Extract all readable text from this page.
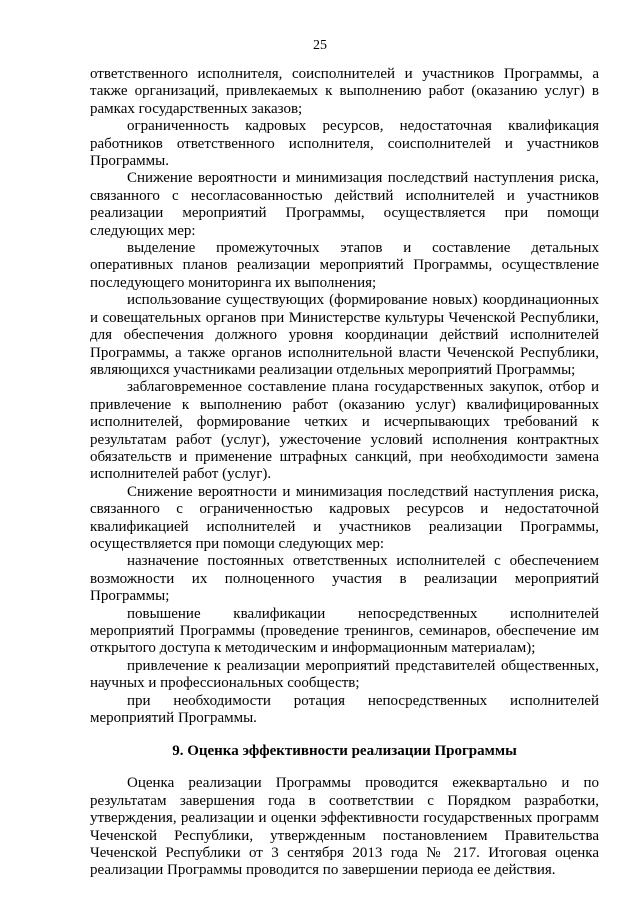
25

ответственного исполнителя, соисполнителей и участников Программы, а также организаций, привлекаемых к выполнению работ (оказанию услуг) в рамках государственных заказов;

ограниченность кадровых ресурсов, недостаточная квалификация работников ответственного исполнителя, соисполнителей и участников Программы.

Снижение вероятности и минимизация последствий наступления риска, связанного с несогласованностью действий исполнителей и участников реализации мероприятий Программы, осуществляется при помощи следующих мер:

выделение промежуточных этапов и составление детальных оперативных планов реализации мероприятий Программы, осуществление последующего мониторинга их выполнения;

использование существующих (формирование новых) координационных и совещательных органов при Министерстве культуры Чеченской Республики, для обеспечения должного уровня координации действий исполнителей Программы, а также органов исполнительной власти Чеченской Республики, являющихся участниками реализации отдельных мероприятий Программы;

заблаговременное составление плана государственных закупок, отбор и привлечение к выполнению работ (оказанию услуг) квалифицированных исполнителей, формирование четких и исчерпывающих требований к результатам работ (услуг), ужесточение условий исполнения контрактных обязательств и применение штрафных санкций, при необходимости замена исполнителей работ (услуг).

Снижение вероятности и минимизация последствий наступления риска, связанного с ограниченностью кадровых ресурсов и недостаточной квалификацией исполнителей и участников реализации Программы, осуществляется при помощи следующих мер:

назначение постоянных ответственных исполнителей с обеспечением возможности их полноценного участия в реализации мероприятий Программы;

повышение квалификации непосредственных исполнителей мероприятий Программы (проведение тренингов, семинаров, обеспечение им открытого доступа к методическим и информационным материалам);

привлечение к реализации мероприятий представителей общественных, научных и профессиональных сообществ;

при необходимости ротация непосредственных исполнителей мероприятий Программы.

9. Оценка эффективности реализации Программы

Оценка реализации Программы проводится ежеквартально и по результатам завершения года в соответствии с Порядком разработки, утверждения, реализации и оценки эффективности государственных программ Чеченской Республики, утвержденным постановлением Правительства Чеченской Республики от 3 сентября 2013 года № 217. Итоговая оценка реализации Программы проводится по завершении периода ее действия.
